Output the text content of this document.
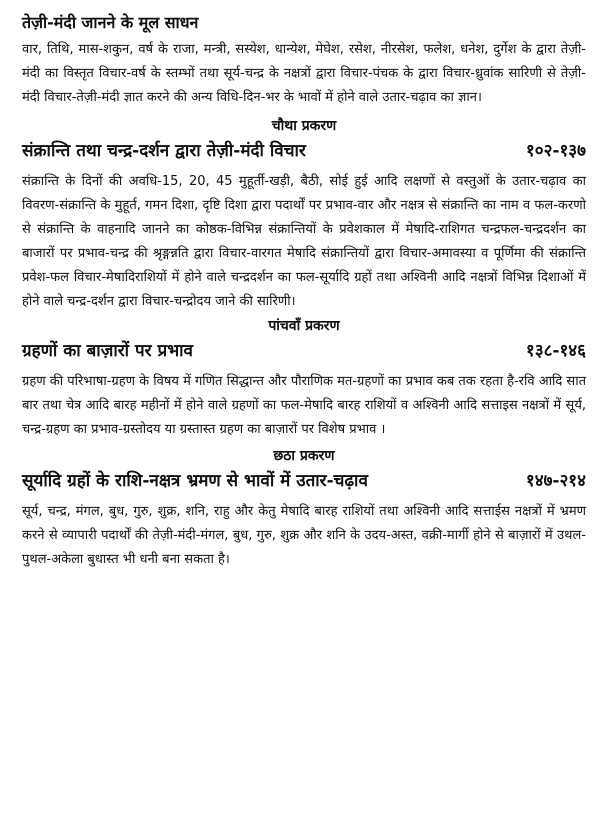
तेज़ी-मंदी जानने के मूल साधन

वार, तिथि, मास-शकुन, वर्ष के राजा, मन्त्री, सस्येश, धान्येश, मेघेश, रसेश, नीरसेश, फलेश, धनेश, दुर्गेश के द्वारा तेज़ी-मंदी का विस्तृत विचार-वर्ष के स्तम्भों तथा सूर्य-चन्द्र के नक्षत्रों द्वारा विचार-पंचक के द्वारा विचार-ध्रुवांक सारिणी से तेज़ी-मंदी विचार-तेज़ी-मंदी ज्ञात करने की अन्य विधि-दिन-भर के भावों में होने वाले उतार-चढ़ाव का ज्ञान।

चौथा प्रकरण

संक्रान्ति तथा चन्द्र-दर्शन द्वारा तेज़ी-मंदी विचार	१०२-१३७

संक्रान्ति के दिनों की अवधि-15, 20, 45 मुहूर्ती-खड़ी, बैठी, सोई हुई आदि लक्षणों से वस्तुओं के उतार-चढ़ाव का विवरण-संक्रान्ति के मुहूर्त, गमन दिशा, दृष्टि दिशा द्वारा पदार्थों पर प्रभाव-वार और नक्षत्र से संक्रान्ति का नाम व फल-करणो से संक्रान्ति के वाहनादि जानने का कोष्ठक-विभिन्न संक्रान्तियों के प्रवेशकाल में मेषादि-राशिगत चन्द्रफल-चन्द्रदर्शन का बाजारों पर प्रभाव-चन्द्र की श्रृङ्गन्नति द्वारा विचार-वारगत मेषादि संक्रान्तियों द्वारा विचार-अमावस्या व पूर्णिमा की संक्रान्ति प्रवेश-फल विचार-मेषादिराशियों में होने वाले चन्द्रदर्शन का फल-सूर्यादि ग्रहों तथा अश्विनी आदि नक्षत्रों विभिन्न दिशाओं में होने वाले चन्द्र-दर्शन द्वारा विचार-चन्द्रोदय जाने की सारिणी।

पांचवाँ प्रकरण

ग्रहणों का बाज़ारों पर प्रभाव	१३८-१४६

ग्रहण की परिभाषा-ग्रहण के विषय में गणित सिद्धान्त और पौराणिक मत-ग्रहणों का प्रभाव कब तक रहता है-रवि आदि सात बार तथा चेत्र आदि बारह महीनों में होने वाले ग्रहणों का फल-मेषादि बारह राशियों व अश्विनी आदि सत्ताइस नक्षत्रों में सूर्य, चन्द्र-ग्रहण का प्रभाव-ग्रस्तोदय या ग्रस्तास्त ग्रहण का बाज़ारों पर विशेष प्रभाव ।

छठा प्रकरण

सूर्यादि ग्रहों के राशि-नक्षत्र भ्रमण से भावों में उतार-चढ़ाव	१४७-२१४

सूर्य, चन्द्र, मंगल, बुध, गुरु, शुक्र, शनि, राहु और केतु मेषादि बारह राशियों तथा अश्विनी आदि सत्ताईस नक्षत्रों में भ्रमण करने से व्यापारी पदार्थों की तेज़ी-मंदी-मंगल, बुध, गुरु, शुक्र और शनि के उदय-अस्त, वक्री-मार्गी होने से बाज़ारों में उथल-पुथल-अकेला बुधास्त भी धनी बना सकता है।
